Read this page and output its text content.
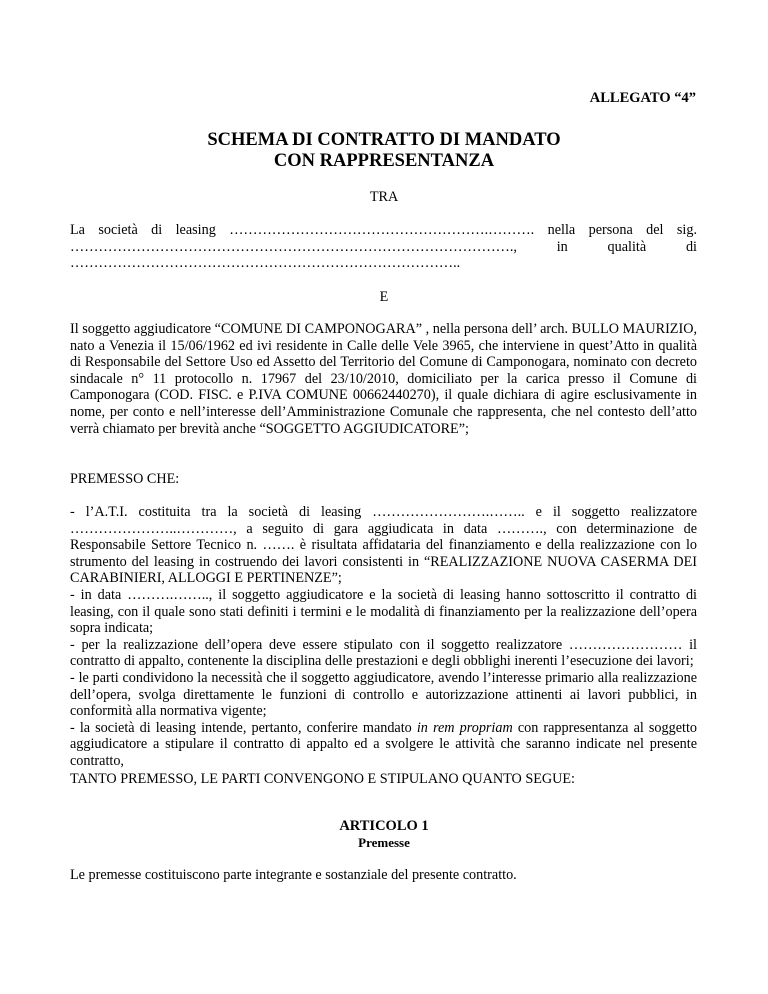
ALLEGATO “4”
SCHEMA DI CONTRATTO DI MANDATO
CON RAPPRESENTANZA
TRA
La società di leasing ……………………………………………….………. nella persona del sig.
…………………………………………………………………………………., in qualità di
………………………………………………………………………..
E
Il soggetto aggiudicatore “COMUNE DI CAMPONOGARA” , nella persona dell’ arch. BULLO MAURIZIO, nato a Venezia il 15/06/1962 ed ivi residente in Calle delle Vele 3965, che interviene in quest’Atto in qualità di Responsabile del Settore Uso ed Assetto del Territorio del Comune di Camponogara, nominato con decreto sindacale n° 11 protocollo n. 17967 del 23/10/2010, domiciliato per la carica presso il Comune di Camponogara (COD. FISC. e P.IVA COMUNE 00662440270), il quale dichiara di agire esclusivamente in nome, per conto e nell’interesse dell’Amministrazione Comunale che rappresenta, che nel contesto dell’atto verrà chiamato per brevità anche “SOGGETTO AGGIUDICATORE”;
PREMESSO CHE:
- l’A.T.I. costituita tra la società di leasing …………………….…….. e il soggetto realizzatore …………………..…………, a seguito di gara aggiudicata in data ………., con determinazione de Responsabile Settore Tecnico n. ……. è risultata affidataria del finanziamento e della realizzazione con lo strumento del leasing in costruendo dei lavori consistenti in “REALIZZAZIONE NUOVA CASERMA DEI CARABINIERI, ALLOGGI E PERTINENZE”;
- in data ……….…….., il soggetto aggiudicatore e la società di leasing hanno sottoscritto il contratto di leasing, con il quale sono stati definiti i termini e le modalità di finanziamento per la realizzazione dell’opera sopra indicata;
- per la realizzazione dell’opera deve essere stipulato con il soggetto realizzatore …………………… il contratto di appalto, contenente la disciplina delle prestazioni e degli obblighi inerenti l’esecuzione dei lavori;
- le parti condividono la necessità che il soggetto aggiudicatore, avendo l’interesse primario alla realizzazione dell’opera, svolga direttamente le funzioni di controllo e autorizzazione attinenti ai lavori pubblici, in conformità alla normativa vigente;
- la società di leasing intende, pertanto, conferire mandato in rem propriam con rappresentanza al soggetto aggiudicatore a stipulare il contratto di appalto ed a svolgere le attività che saranno indicate nel presente contratto,
TANTO PREMESSO, LE PARTI CONVENGONO E STIPULANO QUANTO SEGUE:
ARTICOLO 1
Premesse
Le premesse costituiscono parte integrante e sostanziale del presente contratto.
